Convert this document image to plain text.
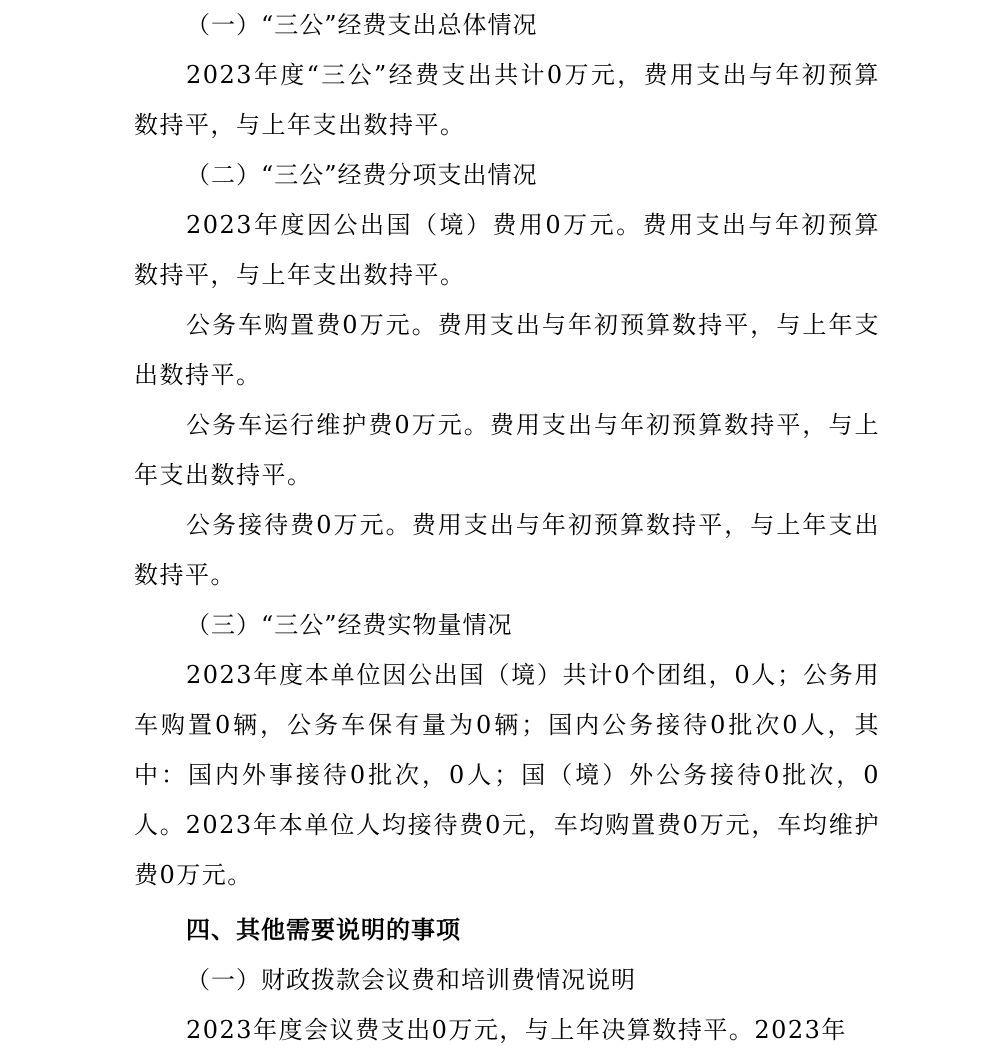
（一）“三公”经费支出总体情况

2023年度“三公”经费支出共计0万元，费用支出与年初预算数持平，与上年支出数持平。

（二）“三公”经费分项支出情况

2023年度因公出国（境）费用0万元。费用支出与年初预算数持平，与上年支出数持平。

公务车购置费0万元。费用支出与年初预算数持平，与上年支出数持平。

公务车运行维护费0万元。费用支出与年初预算数持平，与上年支出数持平。

公务接待费0万元。费用支出与年初预算数持平，与上年支出数持平。

（三）“三公”经费实物量情况

2023年度本单位因公出国（境）共计0个团组，0人；公务用车购置0辆，公务车保有量为0辆；国内公务接待0批次0人，其中：国内外事接待0批次，0人；国（境）外公务接待0批次，0人。2023年本单位人均接待费0元，车均购置费0万元，车均维护费0万元。

四、其他需要说明的事项

（一）财政拨款会议费和培训费情况说明

2023年度会议费支出0万元，与上年决算数持平。2023年
